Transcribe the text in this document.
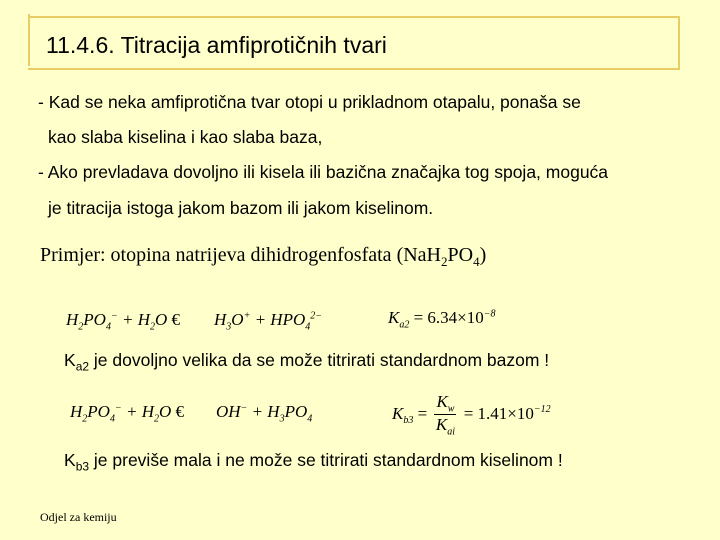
11.4.6. Titracija amfiprotičnih tvari
- Kad se neka amfiprotična tvar otopi u prikladnom otapalu, ponaša se
kao slaba kiselina i kao slaba baza,
- Ako prevladava dovoljno ili kisela ili bazična značajka tog spoja, moguća
je titracija istoga jakom bazom ili jakom kiselinom.
Primjer: otopina natrijeva dihidrogenfosfata $(NaH_2PO_4)$
$H_2PO_4^- + H_2O$ € $H_3O^+ + HPO_4^{2-}$	$K_{a2} = 6.34\times 10^{-8}$
$K_{a2}$ je dovoljno velika da se može titrirati standardnom bazom !
$H_2PO_4^- + H_2O$ € $OH^- + H_3PO_4$	$K_{b3} = \frac{K_w}{K_{ai}} = 1.41\times 10^{-12}$
$K_{b3}$ je previše mala i ne može se titrirati standardnom kiselinom !
Odjel za kemiju
